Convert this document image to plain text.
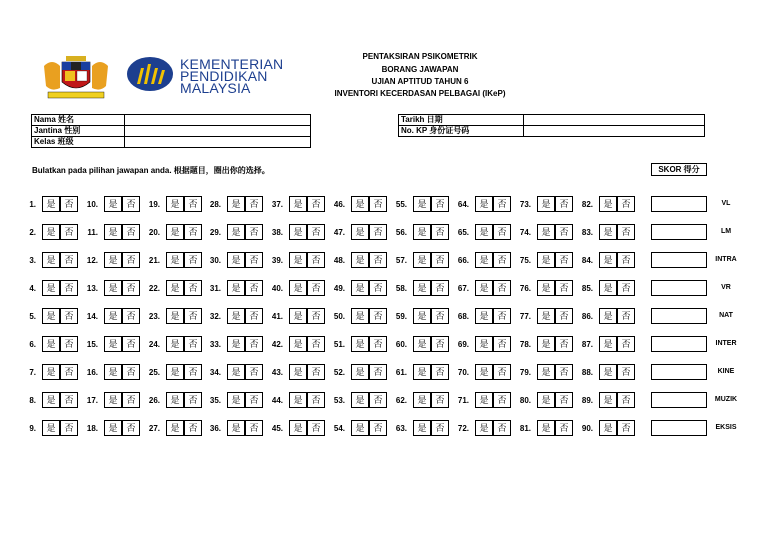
PENTAKSIRAN PSIKOMETRIK
BORANG JAWAPAN
UJIAN APTITUD TAHUN 6
INVENTORI KECERDASAN PELBAGAI (IKeP)
KEMENTERIAN
PENDIDIKAN
MALAYSIA
Nama 姓名	
Jantina 性别	
Kelas 班级	
Tarikh 日期	
No. KP 身份证号码	
Bulatkan pada pilihan jawapan anda. 根据题目，圈出你的选择。	SKOR 得分
1.	是 否	10.	是 否	19.	是 否	28.	是 否	37.	是 否	46.	是 否	55.	是 否	64.	是 否	73.	是 否	82.	是 否	VL
2.	是 否	11.	是 否	20.	是 否	29.	是 否	38.	是 否	47.	是 否	56.	是 否	65.	是 否	74.	是 否	83.	是 否	LM
3.	是 否	12.	是 否	21.	是 否	30.	是 否	39.	是 否	48.	是 否	57.	是 否	66.	是 否	75.	是 否	84.	是 否	INTRA
4.	是 否	13.	是 否	22.	是 否	31.	是 否	40.	是 否	49.	是 否	58.	是 否	67.	是 否	76.	是 否	85.	是 否	VR
5.	是 否	14.	是 否	23.	是 否	32.	是 否	41.	是 否	50.	是 否	59.	是 否	68.	是 否	77.	是 否	86.	是 否	NAT
6.	是 否	15.	是 否	24.	是 否	33.	是 否	42.	是 否	51.	是 否	60.	是 否	69.	是 否	78.	是 否	87.	是 否	INTER
7.	是 否	16.	是 否	25.	是 否	34.	是 否	43.	是 否	52.	是 否	61.	是 否	70.	是 否	79.	是 否	88.	是 否	KINE
8.	是 否	17.	是 否	26.	是 否	35.	是 否	44.	是 否	53.	是 否	62.	是 否	71.	是 否	80.	是 否	89.	是 否	MUZIK
9.	是 否	18.	是 否	27.	是 否	36.	是 否	45.	是 否	54.	是 否	63.	是 否	72.	是 否	81.	是 否	90.	是 否	EKSIS
